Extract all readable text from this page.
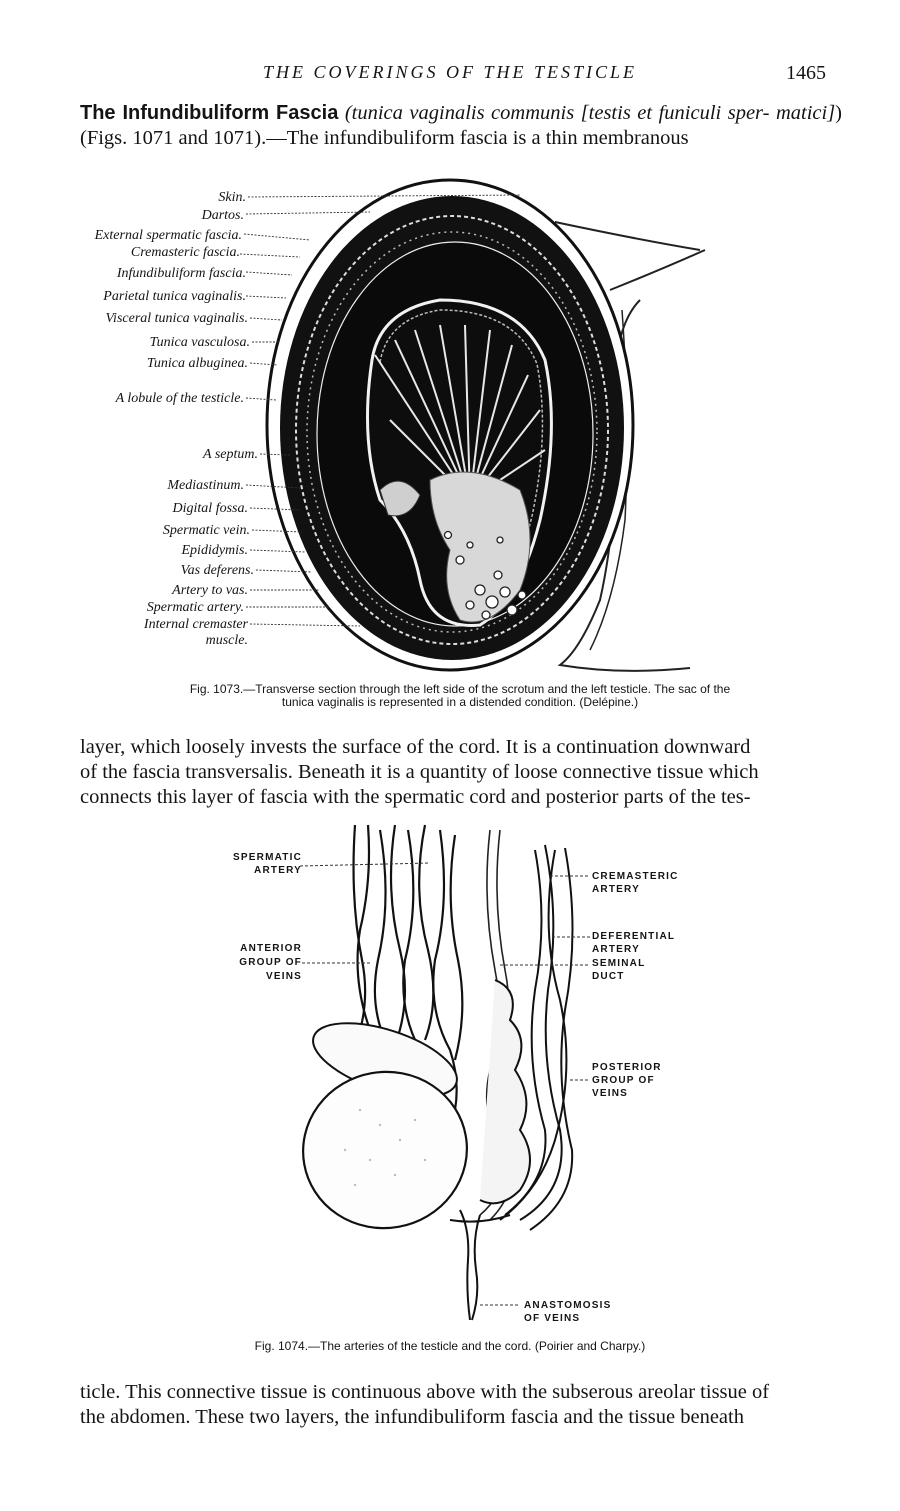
THE COVERINGS OF THE TESTICLE	1465

The Infundibuliform Fascia (tunica vaginalis communis [testis et funiculi sper- matici])(Figs. 1071 and 1071).—The infundibuliform fascia is a thin membranous

Skin.
Dartos.
External spermatic fascia.
Cremasteric fascia.
Infundibuliform fascia.
Parietal tunica vaginalis.
Visceral tunica vaginalis.
Tunica vasculosa.
Tunica albuginea.
A lobule of the testicle.
A septum.
Mediastinum.
Digital fossa.
Spermatic vein.
Epididymis.
Vas deferens.
Artery to vas.
Spermatic artery.
Internal cremaster
muscle.

Fig. 1073.—Transverse section through the left side of the scrotum and the left testicle. The sac of the
tunica vaginalis is represented in a distended condition. (Delépine.)

layer, which loosely invests the surface of the cord. It is a continuation downward
of the fascia transversalis. Beneath it is a quantity of loose connective tissue which
connects this layer of fascia with the spermatic cord and posterior parts of the tes-

SPERMATIC
ARTERY
ANTERIOR
GROUP OF
VEINS
CREMASTERIC
ARTERY
DEFERENTIAL
ARTERY
SEMINAL
DUCT
POSTERIOR
GROUP OF
VEINS
ANASTOMOSIS
OF VEINS

Fig. 1074.—The arteries of the testicle and the cord. (Poirier and Charpy.)

ticle. This connective tissue is continuous above with the subserous areolar tissue of
the abdomen. These two layers, the infundibuliform fascia and the tissue beneath
